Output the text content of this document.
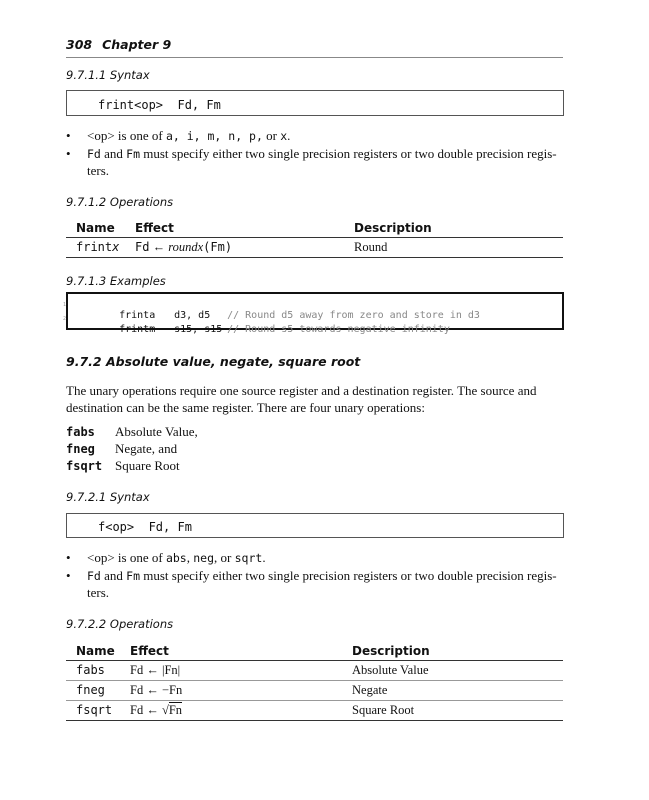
308 Chapter 9
9.7.1.1 Syntax
frint<op>  Fd, Fm
• <op> is one of a, i, m, n, p, or x.
• Fd and Fm must specify either two single precision registers or two double precision regis-
ters.
9.7.1.2 Operations
Name Effect	Description
frintx Fd ← roundx(Fm)	Round
9.7.1.3 Examples

1
frinta d3, d5 // Round d5 away from zero and store in d3

2
frintm s15, s15 // Round s5 towards negative infinity

9.7.2 Absolute value, negate, square root
The unary operations require one source register and a destination register. The source and destination can be the same register. There are four unary operations:
fabs Absolute Value,
fneg Negate, and
fsqrt Square Root
9.7.2.1 Syntax
f<op>  Fd, Fm
• <op> is one of abs, neg, or sqrt.
• Fd and Fm must specify either two single precision registers or two double precision regis-
ters.
9.7.2.2 Operations
Name Effect	Description
fabs Fd ← |Fn|	Absolute Value
fneg Fd ← −Fn	Negate
fsqrt Fd ← √Fn	Square Root
